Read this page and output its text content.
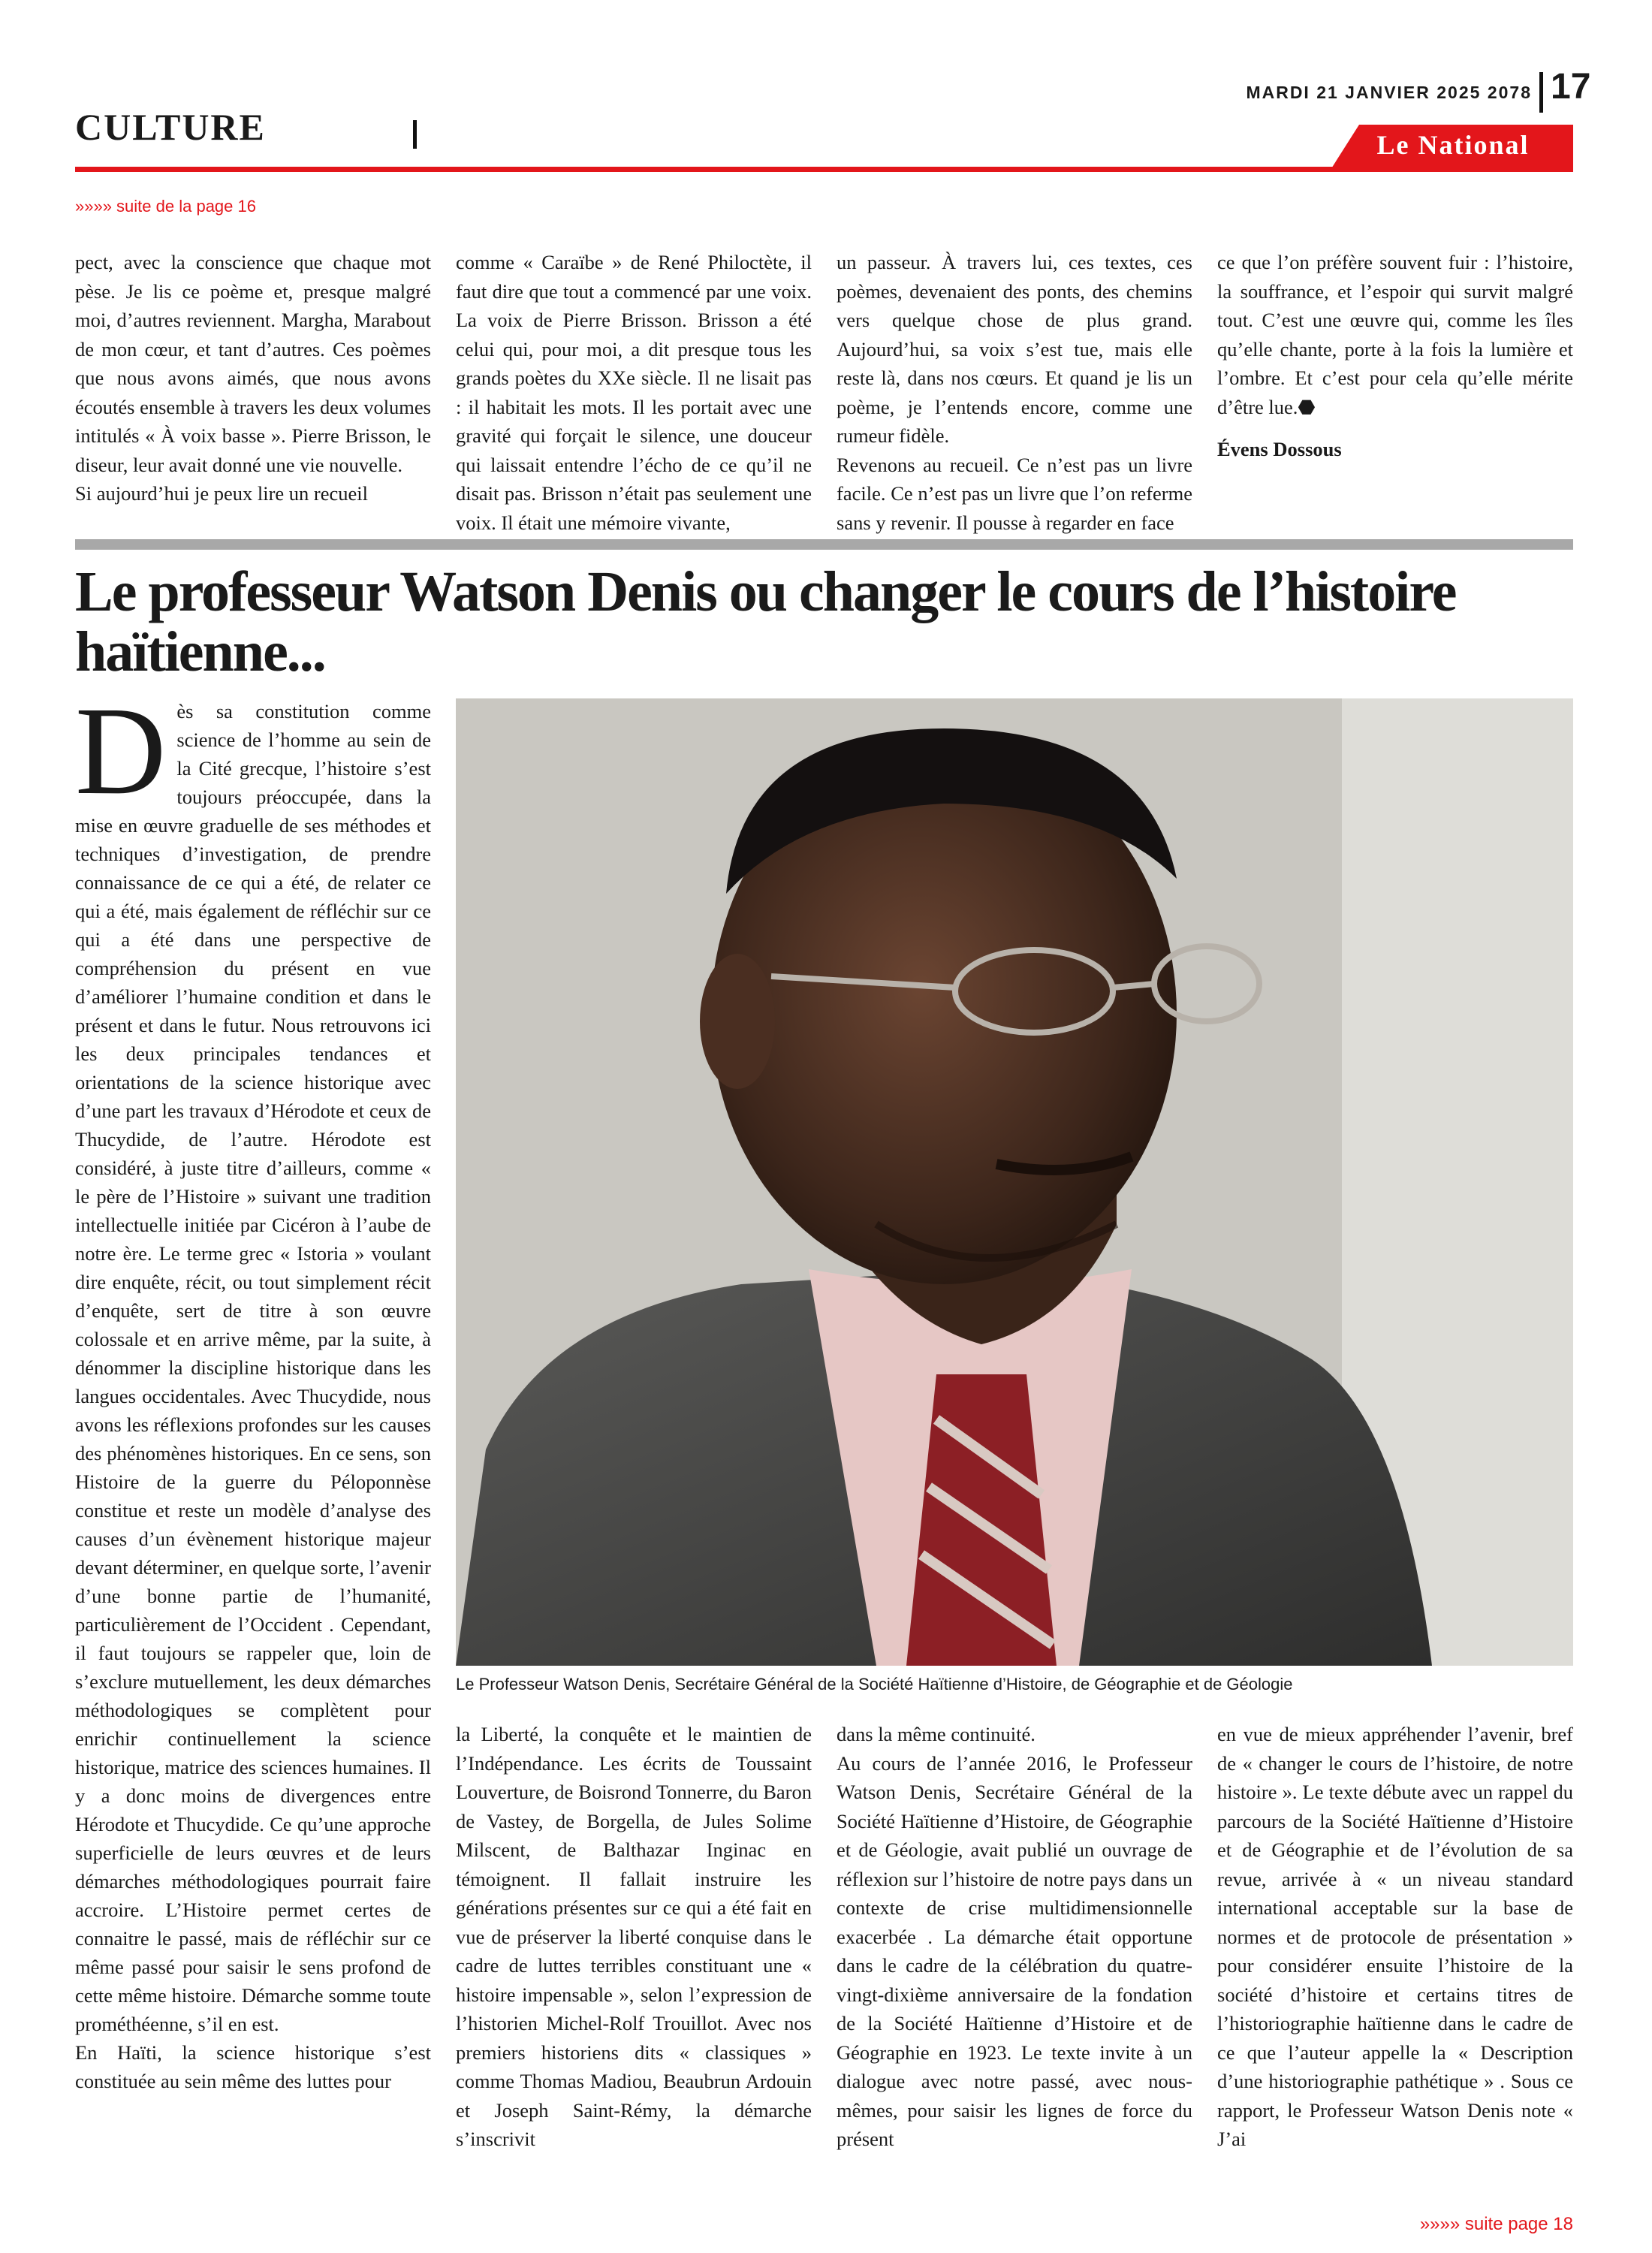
MARDI 21 JANVIER 2025 2078 17
CULTURE	Le National
»»»» suite de la page 16

pect, avec la conscience que chaque mot pèse. Je lis ce poème et, presque malgré moi, d’autres reviennent. Margha, Marabout de mon cœur, et tant d’autres. Ces poèmes que nous avons aimés, que nous avons écoutés ensemble à travers les deux volumes intitulés « À voix basse ». Pierre Brisson, le diseur, leur avait donné une vie nouvelle.

Si aujourd’hui je peux lire un recueil

comme « Caraïbe » de René Philoctète, il faut dire que tout a commencé par une voix. La voix de Pierre Brisson. Brisson a été celui qui, pour moi, a dit presque tous les grands poètes du XXe siècle. Il ne lisait pas : il habitait les mots. Il les portait avec une gravité qui forçait le silence, une douceur qui laissait entendre l’écho de ce qu’il ne disait pas. Brisson n’était pas seulement une voix. Il était une mémoire vivante,

un passeur. À travers lui, ces textes, ces poèmes, devenaient des ponts, des chemins vers quelque chose de plus grand. Aujourd’hui, sa voix s’est tue, mais elle reste là, dans nos cœurs. Et quand je lis un poème, je l’entends encore, comme une rumeur fidèle.

Revenons au recueil. Ce n’est pas un livre facile. Ce n’est pas un livre que l’on referme sans y revenir. Il pousse à regarder en face

ce que l’on préfère souvent fuir : l’histoire, la souffrance, et l’espoir qui survit malgré tout. C’est une œuvre qui, comme les îles qu’elle chante, porte à la fois la lumière et l’ombre. Et c’est pour cela qu’elle mérite d’être lue.⬣

Évens Dossous

Le professeur Watson Denis ou changer le cours de l’histoire haïtienne...

Dès sa constitution comme science de l’homme au sein de la Cité grecque, l’histoire s’est toujours préoccupée, dans la mise en œuvre graduelle de ses méthodes et techniques d’investigation, de prendre connaissance de ce qui a été, de relater ce qui a été, mais également de réfléchir sur ce qui a été dans une perspective de compréhension du présent en vue d’améliorer l’humaine condition et dans le présent et dans le futur. Nous retrouvons ici les deux principales tendances et orientations de la science historique avec d’une part les travaux d’Hérodote et ceux de Thucydide, de l’autre. Hérodote est considéré, à juste titre d’ailleurs, comme « le père de l’Histoire » suivant une tradition intellectuelle initiée par Cicéron à l’aube de notre ère. Le terme grec « Istoria » voulant dire enquête, récit, ou tout simplement récit d’enquête, sert de titre à son œuvre colossale et en arrive même, par la suite, à dénommer la discipline historique dans les langues occidentales. Avec Thucydide, nous avons les réflexions profondes sur les causes des phénomènes historiques. En ce sens, son Histoire de la guerre du Péloponnèse constitue et reste un modèle d’analyse des causes d’un évènement historique majeur devant déterminer, en quelque sorte, l’avenir d’une bonne partie de l’humanité, particulièrement de l’Occident . Cependant, il faut toujours se rappeler que, loin de s’exclure mutuellement, les deux démarches méthodologiques se complètent pour enrichir continuellement la science historique, matrice des sciences humaines. Il y a donc moins de divergences entre Hérodote et Thucydide. Ce qu’une approche superficielle de leurs œuvres et de leurs démarches méthodologiques pourrait faire accroire. L’Histoire permet certes de connaitre le passé, mais de réfléchir sur ce même passé pour saisir le sens profond de cette même histoire. Démarche somme toute prométhéenne, s’il en est.

En Haïti, la science historique s’est constituée au sein même des luttes pour

Le Professeur Watson Denis, Secrétaire Général de la Société Haïtienne d’Histoire, de Géographie et de Géologie

la Liberté, la conquête et le maintien de l’Indépendance. Les écrits de Toussaint Louverture, de Boisrond Tonnerre, du Baron de Vastey, de Borgella, de Jules Solime Milscent, de Balthazar Inginac en témoignent. Il fallait instruire les générations présentes sur ce qui a été fait en vue de préserver la liberté conquise dans le cadre de luttes terribles constituant une « histoire impensable », selon l’expression de l’historien Michel-Rolf Trouillot. Avec nos premiers historiens dits « classiques » comme Thomas Madiou, Beaubrun Ardouin et Joseph Saint-Rémy, la démarche s’inscrivit

dans la même continuité.

Au cours de l’année 2016, le Professeur Watson Denis, Secrétaire Général de la Société Haïtienne d’Histoire, de Géographie et de Géologie, avait publié un ouvrage de réflexion sur l’histoire de notre pays dans un contexte de crise multidimensionnelle exacerbée . La démarche était opportune dans le cadre de la célébration du quatre-vingt-dixième anniversaire de la fondation de la Société Haïtienne d’Histoire et de Géographie en 1923. Le texte invite à un dialogue avec notre passé, avec nous-mêmes, pour saisir les lignes de force du présent

en vue de mieux appréhender l’avenir, bref de « changer le cours de l’histoire, de notre histoire ». Le texte débute avec un rappel du parcours de la Société Haïtienne d’Histoire et de Géographie et de l’évolution de sa revue, arrivée à « un niveau standard international acceptable sur la base de normes et de protocole de présentation » pour considérer ensuite l’histoire de la société d’histoire et certains titres de l’historiographie haïtienne dans le cadre de ce que l’auteur appelle la « Description d’une historiographie pathétique » . Sous ce rapport, le Professeur Watson Denis note « J’ai

»»»» suite page 18
